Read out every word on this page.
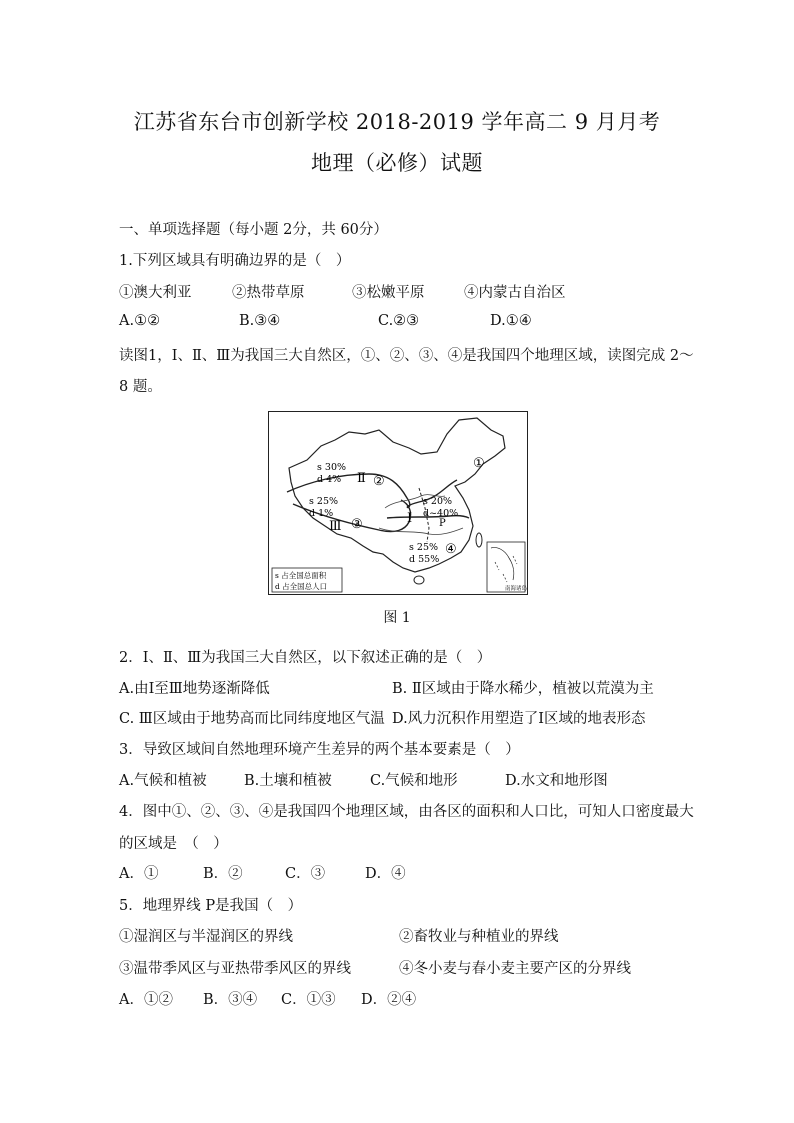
江苏省东台市创新学校 2018-2019 学年高二 9 月月考
地理（必修）试题
一、单项选择题（每小题 2分，共 60分）
1.下列区域具有明确边界的是（　）
①澳大利亚	②热带草原	③松嫩平原	④内蒙古自治区
A.①②	B.③④	C.②③	D.①④
读图1，Ⅰ、Ⅱ、Ⅲ为我国三大自然区，①、②、③、④是我国四个地理区域，读图完成 2～
8 题。
①
②
③
④
Ⅱ
Ⅲ
Ⅰ	P
s 30%
d 4%
s 25%
d 1%
s 20%
d~40%
s 25%
d 55%
s 占全国总面积
d 占全国总人口	南海诸岛
图 1
2．Ⅰ、Ⅱ、Ⅲ为我国三大自然区，以下叙述正确的是（　）
A.由Ⅰ至Ⅲ地势逐渐降低	B. Ⅱ区域由于降水稀少，植被以荒漠为主
C. Ⅲ区域由于地势高而比同纬度地区气温 D.风力沉积作用塑造了Ⅰ区域的地表形态
3．导致区域间自然地理环境产生差异的两个基本要素是（　）
A.气候和植被	B.土壤和植被	C.气候和地形	D.水文和地形图
4．图中①、②、③、④是我国四个地理区域，由各区的面积和人口比，可知人口密度最大
的区域是　（　）
A．①	B．②	C．③	D．④
5．地理界线 P是我国（　）
①湿润区与半湿润区的界线	②畜牧业与种植业的界线
③温带季风区与亚热带季风区的界线	④冬小麦与春小麦主要产区的分界线
A．①② B．③④ C．①③ D．②④
